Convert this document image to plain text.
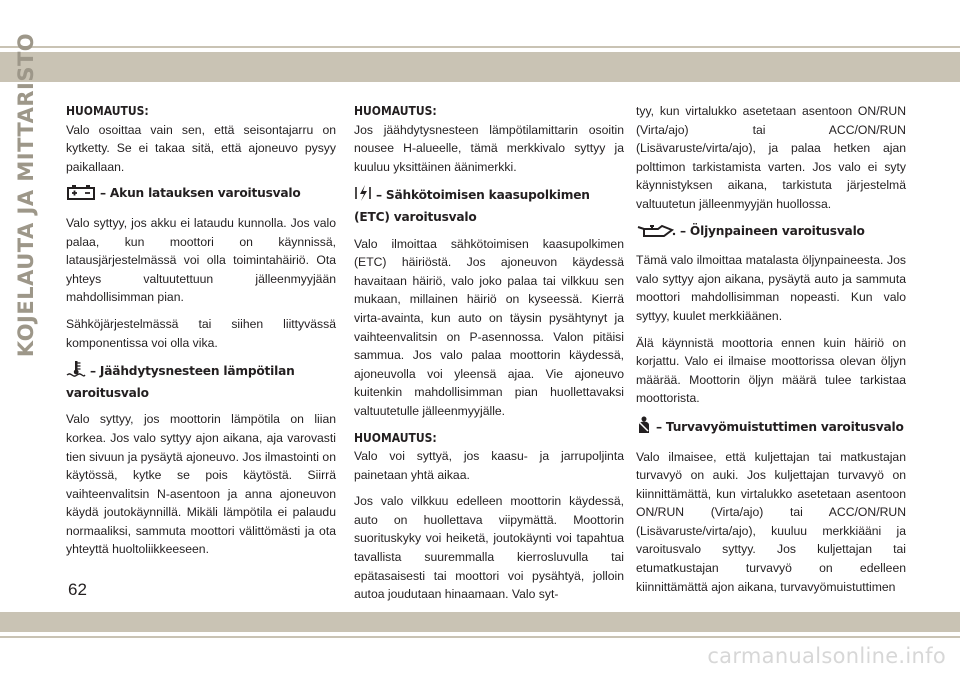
KOJELAUTA JA MITTARISTO HUOMAUTUS:

Valo osoittaa vain sen, että seisontajarru on kytketty. Se ei takaa sitä, että ajoneuvo pysyy paikallaan.

– Akun latauksen varoitusvalo

Valo syttyy, jos akku ei lataudu kunnolla. Jos valo palaa, kun moottori on käynnissä, latausjärjestelmässä voi olla toimintahäiriö. Ota yhteys valtuutettuun jälleenmyyjään mahdollisimman pian.

Sähköjärjestelmässä tai siihen liittyvässä komponentissa voi olla vika.

– Jäähdytysnesteen lämpötilan varoitusvalo

Valo syttyy, jos moottorin lämpötila on liian korkea. Jos valo syttyy ajon aikana, aja varovasti tien sivuun ja pysäytä ajoneuvo. Jos ilmastointi on käytössä, kytke se pois käytöstä. Siirrä vaihteenvalitsin N-asentoon ja anna ajoneuvon käydä joutokäynnillä. Mikäli lämpötila ei palaudu normaaliksi, sammuta moottori välittömästi ja ota yhteyttä huoltoliikkeeseen.

HUOMAUTUS:

Jos jäähdytysnesteen lämpötilamittarin osoitin nousee H-alueelle, tämä merkkivalo syttyy ja kuuluu yksittäinen äänimerkki.

– Sähkötoimisen kaasupolkimen (ETC) varoitusvalo

Valo ilmoittaa sähkötoimisen kaasupolkimen (ETC) häiriöstä. Jos ajoneuvon käydessä havaitaan häiriö, valo joko palaa tai vilkkuu sen mukaan, millainen häiriö on kyseessä. Kierrä virta-avainta, kun auto on täysin pysähtynyt ja vaihteenvalitsin on P-asennossa. Valon pitäisi sammua. Jos valo palaa moottorin käydessä, ajoneuvolla voi yleensä ajaa. Vie ajoneuvo kuitenkin mahdollisimman pian huollettavaksi valtuutetulle jälleenmyyjälle.

HUOMAUTUS:

Valo voi syttyä, jos kaasu- ja jarrupoljinta painetaan yhtä aikaa.

Jos valo vilkkuu edelleen moottorin käydessä, auto on huollettava viipymättä. Moottorin suorituskyky voi heiketä, joutokäynti voi tapahtua tavallista suuremmalla kierrosluvulla tai epätasaisesti tai moottori voi pysähtyä, jolloin autoa joudutaan hinaamaan. Valo syt-

tyy, kun virtalukko asetetaan asentoon ON/RUN (Virta/ajo) tai ACC/ON/RUN (Lisävaruste/virta/ajo), ja palaa hetken ajan polttimon tarkistamista varten. Jos valo ei syty käynnistyksen aikana, tarkistuta järjestelmä valtuutetun jälleenmyyjän huollossa.

– Öljynpaineen varoitusvalo

Tämä valo ilmoittaa matalasta öljynpaineesta. Jos valo syttyy ajon aikana, pysäytä auto ja sammuta moottori mahdollisimman nopeasti. Kun valo syttyy, kuulet merkkiäänen.

Älä käynnistä moottoria ennen kuin häiriö on korjattu. Valo ei ilmaise moottorissa olevan öljyn määrää. Moottorin öljyn määrä tulee tarkistaa moottorista.

– Turvavyömuistuttimen varoitusvalo

Valo ilmaisee, että kuljettajan tai matkustajan turvavyö on auki. Jos kuljettajan turvavyö on kiinnittämättä, kun virtalukko asetetaan asentoon ON/RUN (Virta/ajo) tai ACC/ON/RUN (Lisävaruste/virta/ajo), kuuluu merkkiääni ja varoitusvalo syttyy. Jos kuljettajan tai etumatkustajan turvavyö on edelleen kiinnittämättä ajon aikana, turvavyömuistuttimen

62
carmanualsonline.info
